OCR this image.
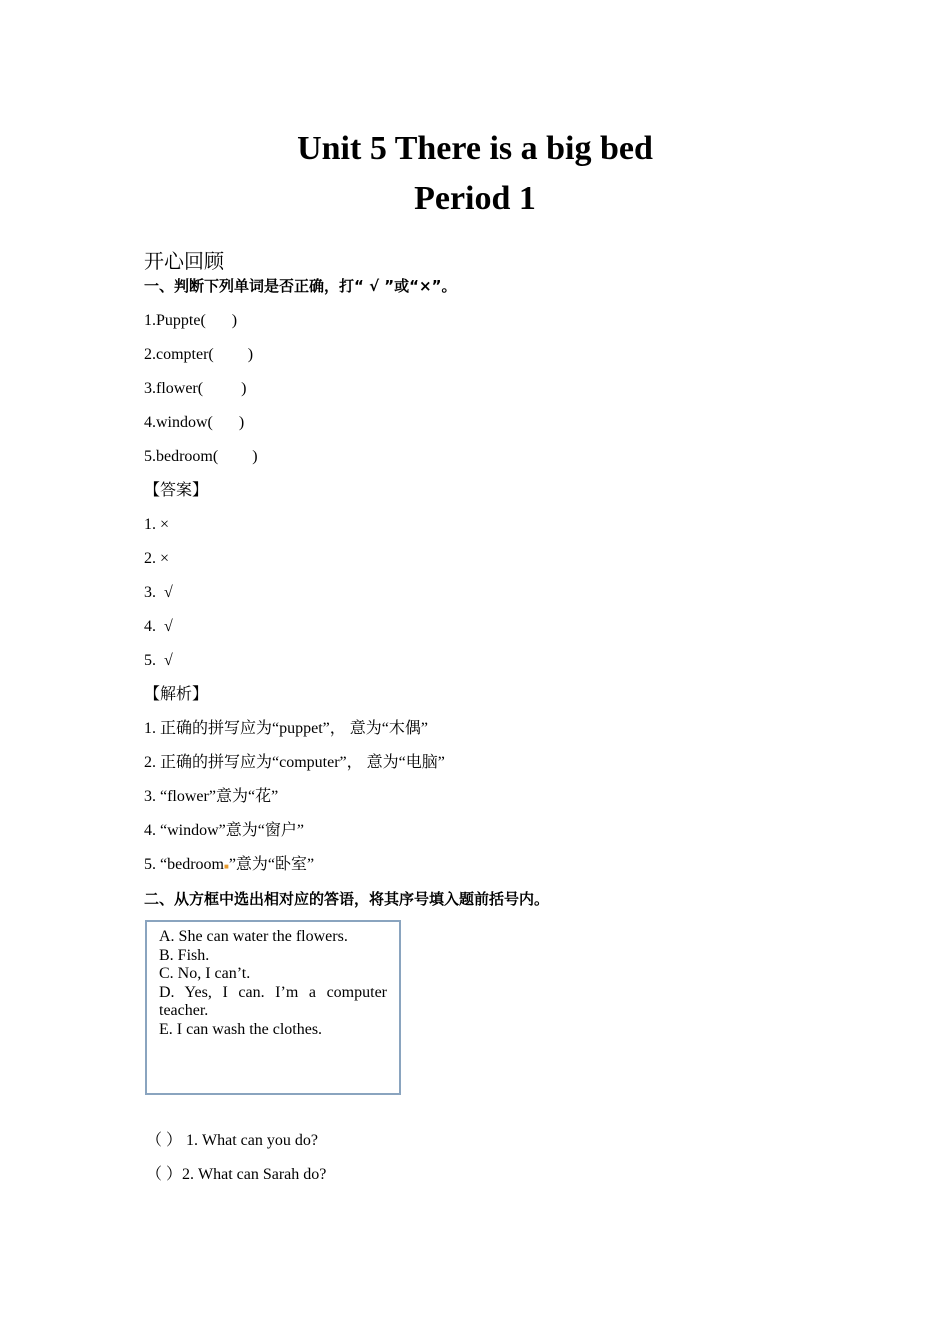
Unit 5 There is a big bed
Period 1
开心回顾
一、判断下列单词是否正确，打“ √ ”或“×”。
1.Puppte( )
2.compter( )
3.flower( )
4.window( )
5.bedroom( )
【答案】
1. ×
2. ×
3.  √
4.  √
5.  √
【解析】
1. 正确的拼写应为“puppet”， 意为“木偶”
2. 正确的拼写应为“computer”， 意为“电脑”
3. “flower”意为“花”
4. “window”意为“窗户”
5. “bedroom■”意为“卧室”
二、从方框中选出相对应的答语，将其序号填入题前括号内。
A. She can water the flowers.
B. Fish.
C. No, I can’t.
D. Yes, I can. I’m a computer
teacher.
E. I can wash the clothes.
（ ） 1. What can you do?
（ ）2. What can Sarah do?
